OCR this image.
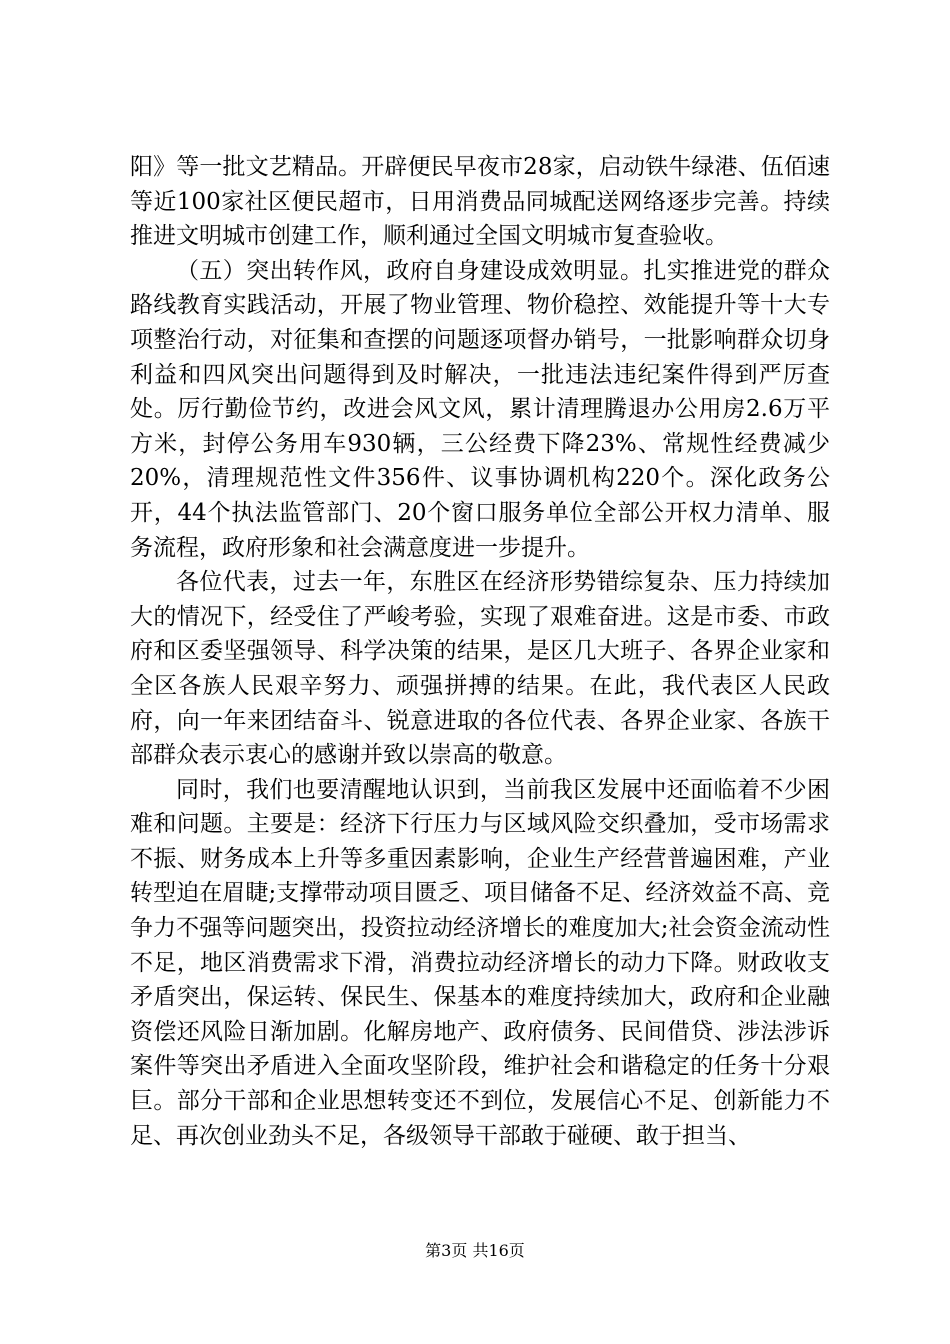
阳》等一批文艺精品。开辟便民早夜市28家，启动铁牛绿港、伍佰速等近100家社区便民超市，日用消费品同城配送网络逐步完善。持续推进文明城市创建工作，顺利通过全国文明城市复查验收。

（五）突出转作风，政府自身建设成效明显。扎实推进党的群众路线教育实践活动，开展了物业管理、物价稳控、效能提升等十大专项整治行动，对征集和查摆的问题逐项督办销号，一批影响群众切身利益和四风突出问题得到及时解决，一批违法违纪案件得到严厉查处。厉行勤俭节约，改进会风文风，累计清理腾退办公用房2.6万平方米，封停公务用车930辆，三公经费下降23%、常规性经费减少20%，清理规范性文件356件、议事协调机构220个。深化政务公开，44个执法监管部门、20个窗口服务单位全部公开权力清单、服务流程，政府形象和社会满意度进一步提升。

各位代表，过去一年，东胜区在经济形势错综复杂、压力持续加大的情况下，经受住了严峻考验，实现了艰难奋进。这是市委、市政府和区委坚强领导、科学决策的结果，是区几大班子、各界企业家和全区各族人民艰辛努力、顽强拼搏的结果。在此，我代表区人民政府，向一年来团结奋斗、锐意进取的各位代表、各界企业家、各族干部群众表示衷心的感谢并致以崇高的敬意。

同时，我们也要清醒地认识到，当前我区发展中还面临着不少困难和问题。主要是：经济下行压力与区域风险交织叠加，受市场需求不振、财务成本上升等多重因素影响，企业生产经营普遍困难，产业转型迫在眉睫;支撑带动项目匮乏、项目储备不足、经济效益不高、竞争力不强等问题突出，投资拉动经济增长的难度加大;社会资金流动性不足，地区消费需求下滑，消费拉动经济增长的动力下降。财政收支矛盾突出，保运转、保民生、保基本的难度持续加大，政府和企业融资偿还风险日渐加剧。化解房地产、政府债务、民间借贷、涉法涉诉案件等突出矛盾进入全面攻坚阶段，维护社会和谐稳定的任务十分艰巨。部分干部和企业思想转变还不到位，发展信心不足、创新能力不足、再次创业劲头不足，各级领导干部敢于碰硬、敢于担当、

第3页 共16页
